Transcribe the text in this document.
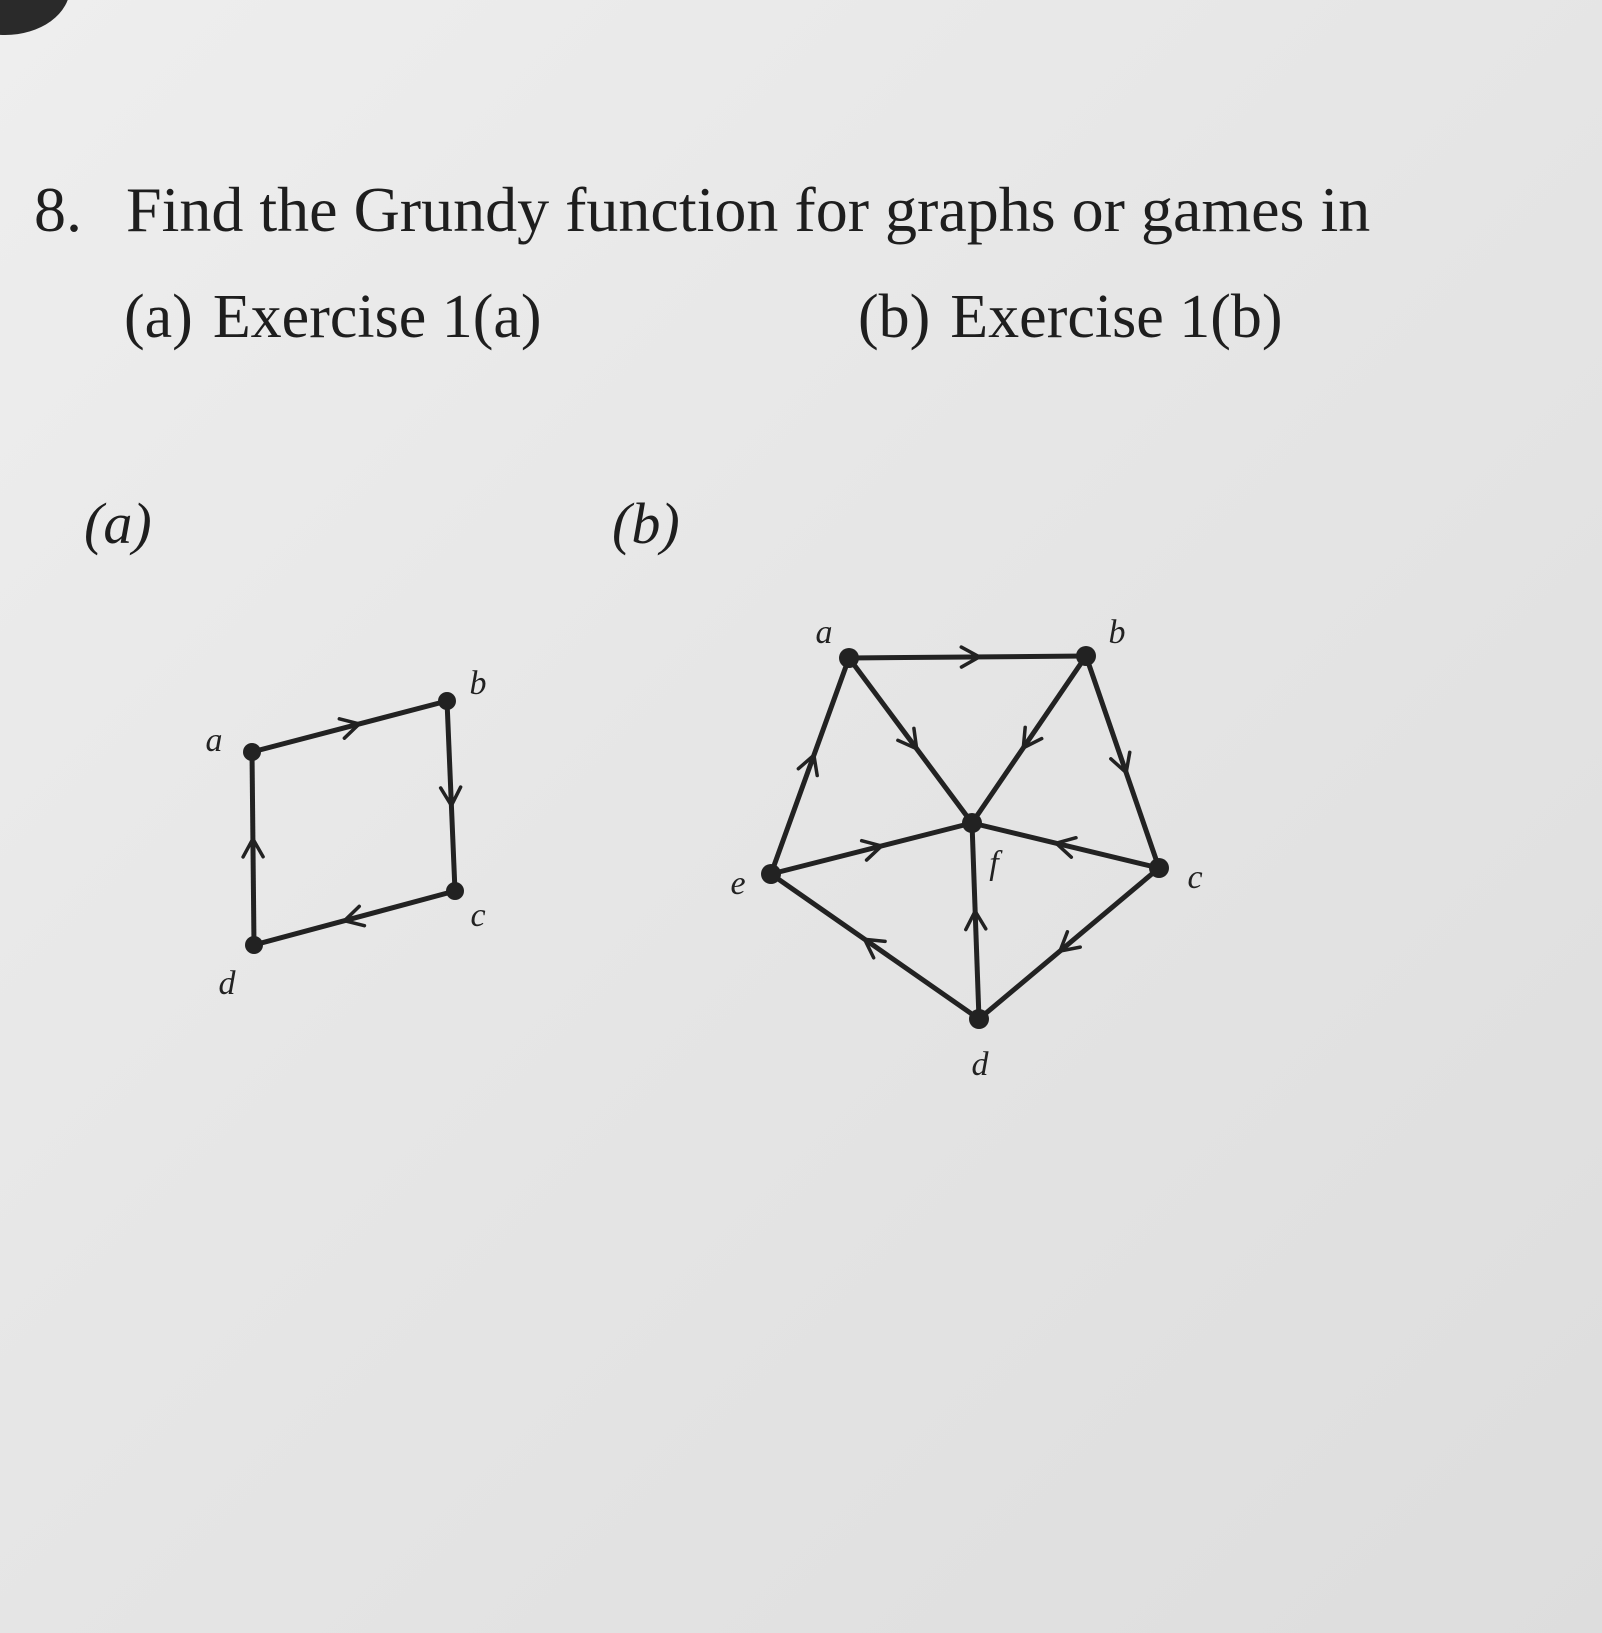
8. Find the Grundy function for graphs or games in
(a) Exercise 1(a)	(b) Exercise 1(b)
(a)	(b)
a
b
c
d
a	b
c
d
e
f
